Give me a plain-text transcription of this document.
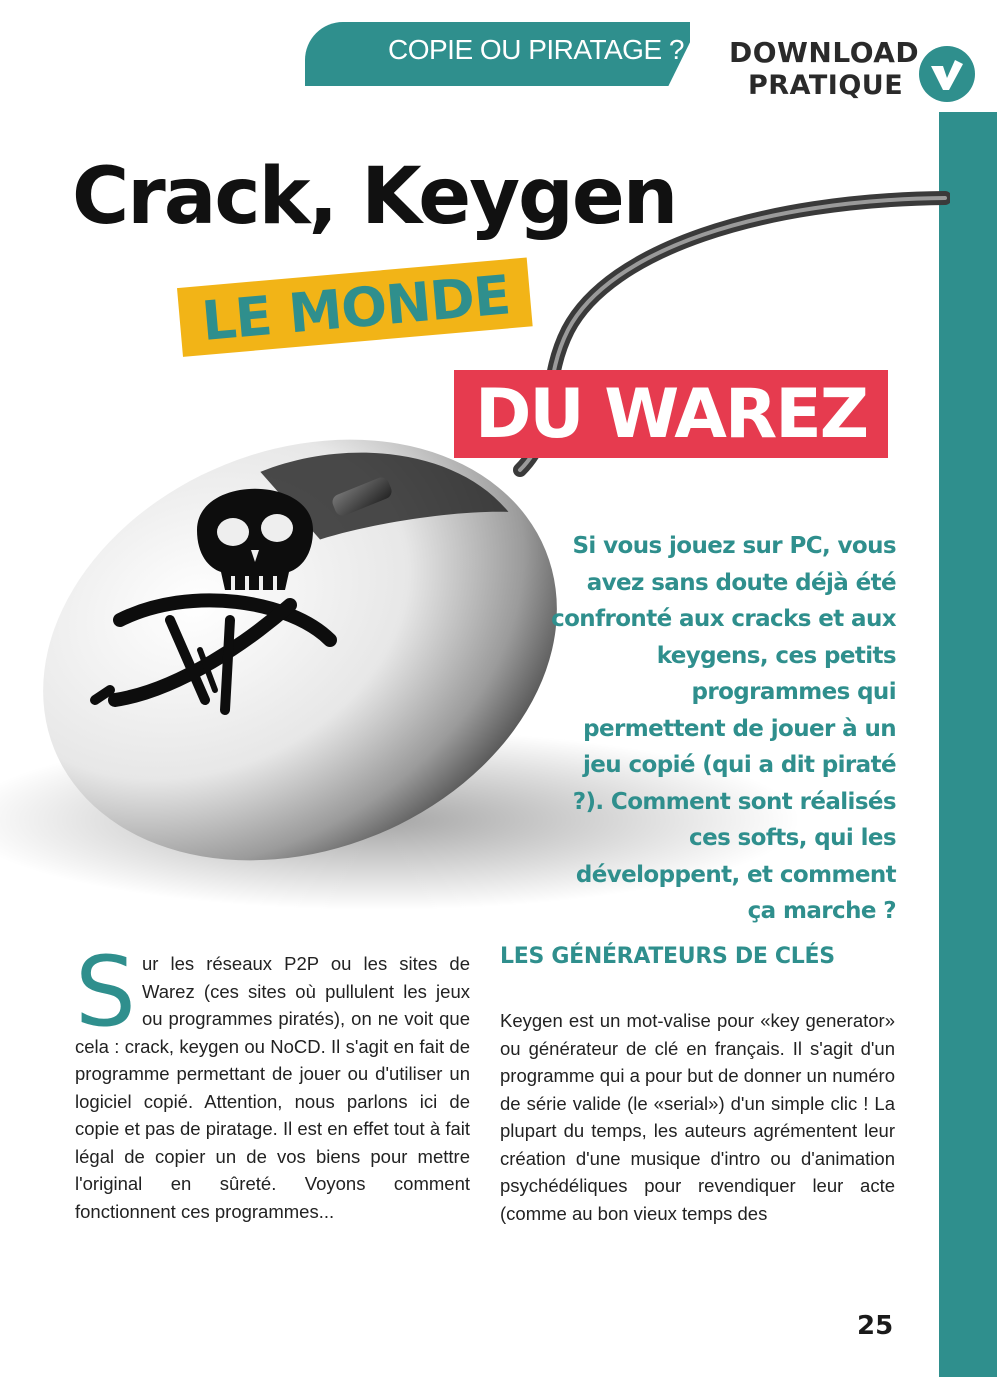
COPIE OU PIRATAGE ? DOWNLOAD
PRATIQUE
Crack, Keygen
LE MONDE
DU WAREZ

Si vous jouez sur PC, vous avez sans doute déjà été confronté aux cracks et aux keygens, ces petits programmes qui permettent de jouer à un jeu copié (qui a dit piraté ?). Comment sont réalisés ces softs, qui les développent, et comment ça marche ?

Sur les réseaux P2P ou les sites de Warez (ces sites où pullulent les jeux ou programmes piratés), on ne voit que cela : crack, keygen ou NoCD. Il s'agit en fait de programme permettant de jouer ou d'utiliser un logiciel copié. Attention, nous parlons ici de copie et pas de piratage. Il est en effet tout à fait légal de copier un de vos biens pour mettre l'original en sûreté. Voyons comment fonctionnent ces programmes...
LES GÉNÉRATEURS DE CLÉS

Keygen est un mot-valise pour «key generator» ou générateur de clé en français. Il s'agit d'un programme qui a pour but de donner un numéro de série valide (le «serial») d'un simple clic ! La plupart du temps, les auteurs agrémentent leur création d'une musique d'intro ou d'animation psychédéliques pour revendiquer leur acte (comme au bon vieux temps des

25
